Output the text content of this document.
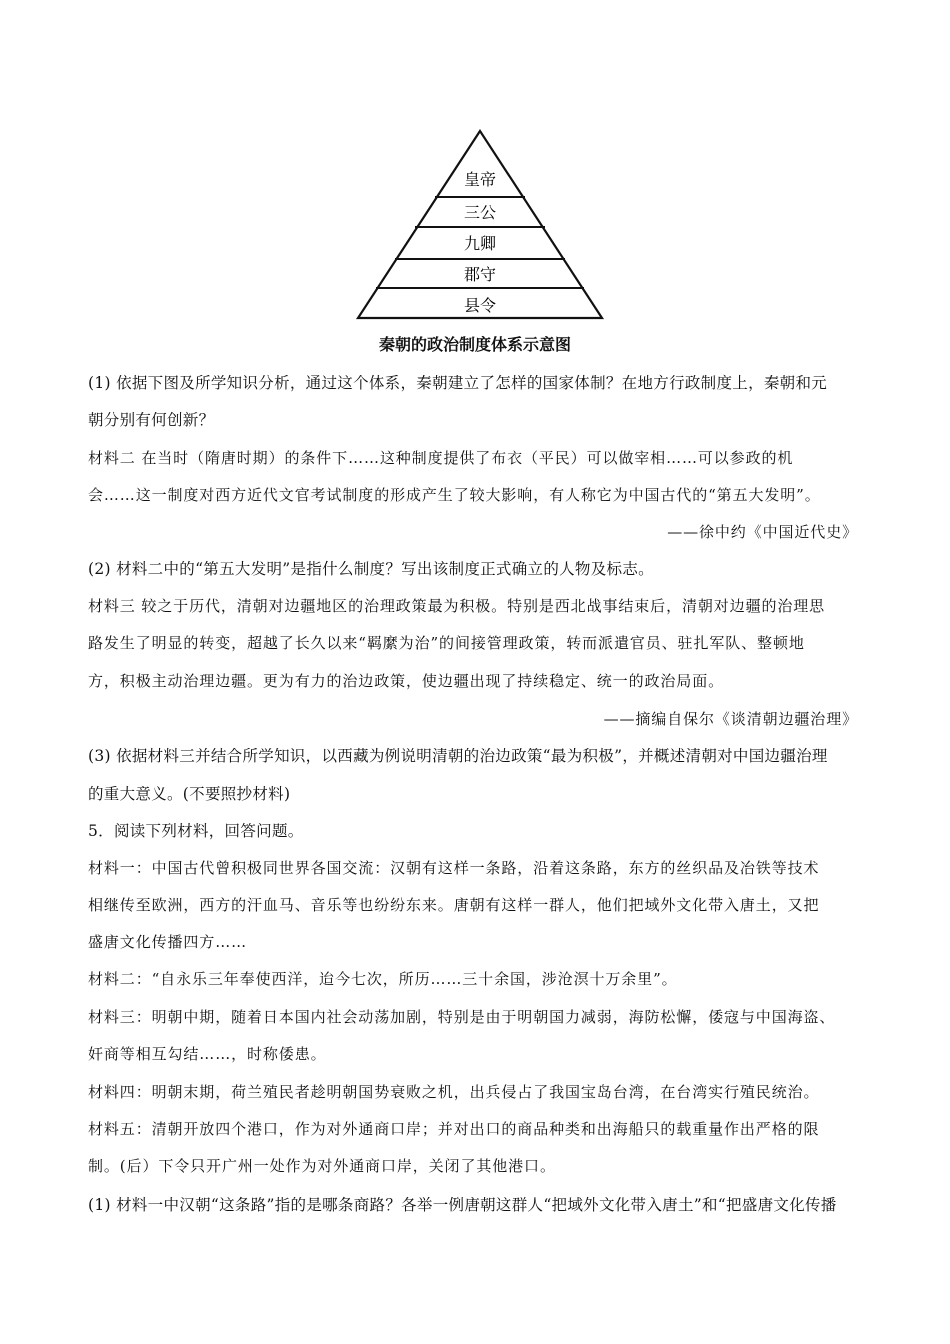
皇帝
三公
九卿
郡守
县令
秦朝的政治制度体系示意图
(1) 依据下图及所学知识分析，通过这个体系，秦朝建立了怎样的国家体制？在地方行政制度上，秦朝和元
朝分别有何创新？
材料二 在当时（隋唐时期）的条件下……这种制度提供了布衣（平民）可以做宰相……可以参政的机
会……这一制度对西方近代文官考试制度的形成产生了较大影响，有人称它为中国古代的“第五大发明”。
——徐中约《中国近代史》
(2) 材料二中的“第五大发明”是指什么制度？写出该制度正式确立的人物及标志。
材料三 较之于历代，清朝对边疆地区的治理政策最为积极。特别是西北战事结束后，清朝对边疆的治理思
路发生了明显的转变，超越了长久以来“羁縻为治”的间接管理政策，转而派遣官员、驻扎军队、整顿地
方，积极主动治理边疆。更为有力的治边政策，使边疆出现了持续稳定、统一的政治局面。
——摘编自保尔《谈清朝边疆治理》
(3) 依据材料三并结合所学知识，以西藏为例说明清朝的治边政策“最为积极”，并概述清朝对中国边疆治理
的重大意义。(不要照抄材料)
5．阅读下列材料，回答问题。
材料一：中国古代曾积极同世界各国交流：汉朝有这样一条路，沿着这条路，东方的丝织品及冶铁等技术
相继传至欧洲，西方的汗血马、音乐等也纷纷东来。唐朝有这样一群人，他们把域外文化带入唐土，又把
盛唐文化传播四方……
材料二：“自永乐三年奉使西洋，迨今七次，所历……三十余国，涉沧溟十万余里”。
材料三：明朝中期，随着日本国内社会动荡加剧，特别是由于明朝国力减弱，海防松懈，倭寇与中国海盗、
奸商等相互勾结……，时称倭患。
材料四：明朝末期，荷兰殖民者趁明朝国势衰败之机，出兵侵占了我国宝岛台湾，在台湾实行殖民统治。
材料五：清朝开放四个港口，作为对外通商口岸；并对出口的商品种类和出海船只的载重量作出严格的限
制。(后）下令只开广州一处作为对外通商口岸，关闭了其他港口。
(1) 材料一中汉朝“这条路”指的是哪条商路？各举一例唐朝这群人“把域外文化带入唐土”和“把盛唐文化传播
